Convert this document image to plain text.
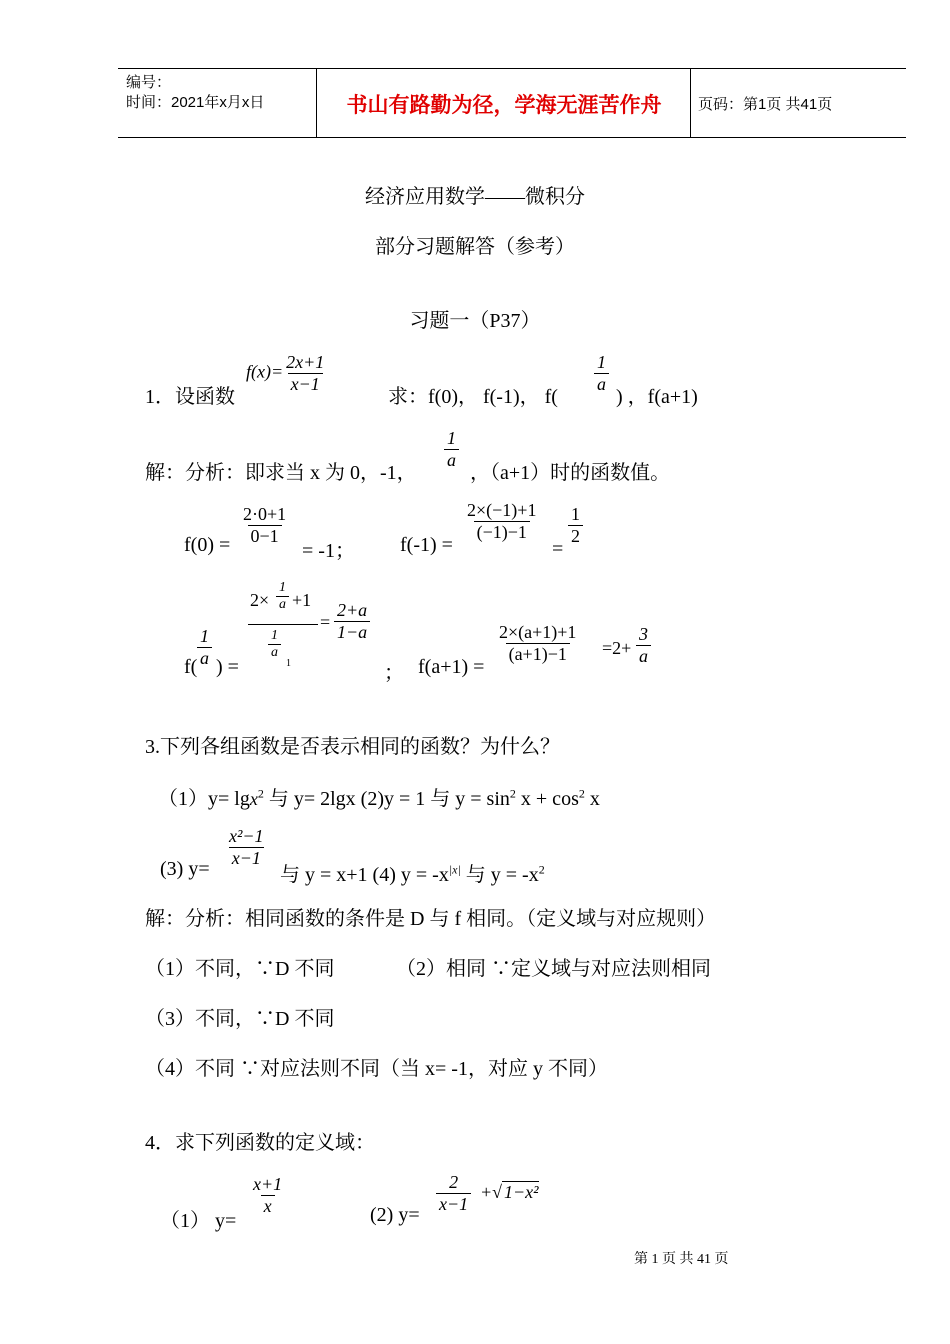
编号：
时间：2021年x月x日	书山有路勤为径，学海无涯苦作舟	页码：第1页 共41页
经济应用数学——微积分
部分习题解答（参考）
习题一（P37）
1．设函数
$f(x)= \frac{2x+1}{x-1}$
求：f(0)， f(-1)， f(
$\frac{1}{a}$
) ，f(a+1)
解：分析：即求当 x 为 0，-1，
$\frac{1}{a}$
，（a+1）时的函数值。
$f(0) = \frac{2\cdot 0+1}{0-1}$
= -1； f(-1) =
$\frac{2\times(-1)+1}{(-1)-1}$
=
$\frac{1}{2}$
$f( \frac{1}{a}$ ) =
$2\times \frac{1}{a} +1$
$\frac{1}{a}$
1
= $\frac{2+a}{1-a}$
； f(a+1) =
$\frac{2\times(a+1)+1}{(a+1)-1} =2+ \frac{3}{a}$
3.下列各组函数是否表示相同的函数？为什么？
（1）y= lgx$^2$ 与 y= 2lgx (2)y = 1 与 $y = \sin^2 x + \cos^2 x$
(3) y=
$\frac{\text{x²−1}}{x-1}$
与 y = x+1 (4) $y = -x^{|x|}$ 与 $y = -x^2$
解：分析：相同函数的条件是 D 与 f 相同。（定义域与对应规则）
（1）不同，∵D 不同	（2）相同 ∵定义域与对应法则相同
（3）不同，∵D 不同
（4）不同 ∵对应法则不同（当 x= -1，对应 y 不同）
4．求下列函数的定义域：
（1） y=
$\frac{x+1}{x}$	(2) y=
$\frac{2}{x-1}$ +√ 1−x²
第 1 页 共 41 页
